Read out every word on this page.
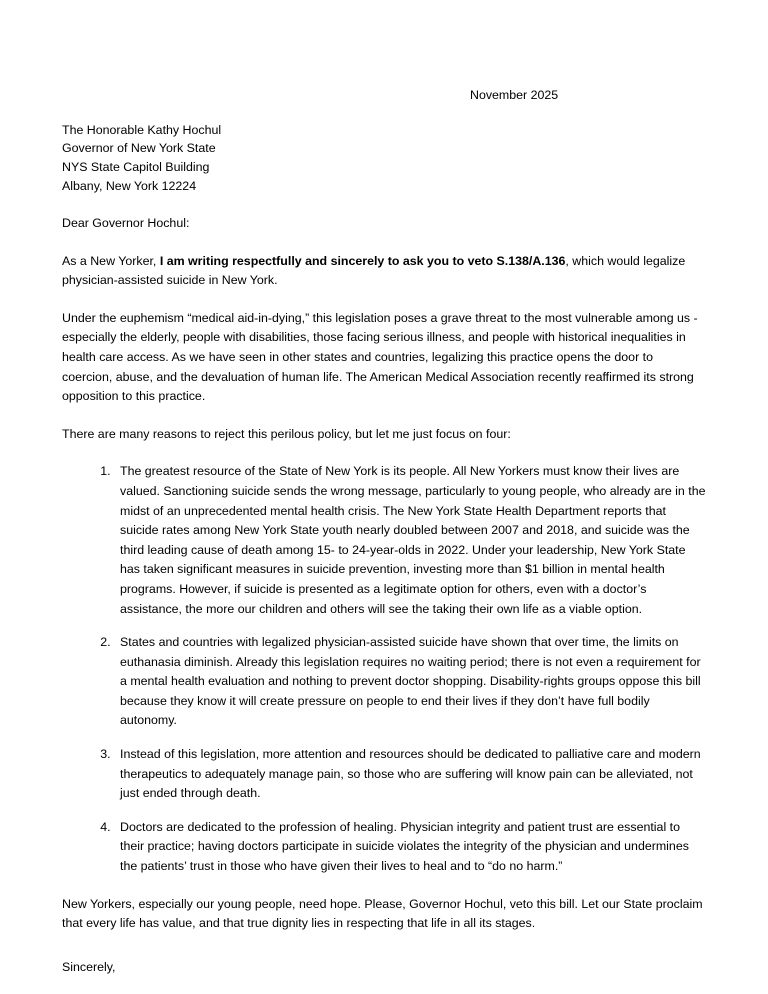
November 2025
The Honorable Kathy Hochul
Governor of New York State
NYS State Capitol Building
Albany, New York 12224
Dear Governor Hochul:

As a New Yorker, I am writing respectfully and sincerely to ask you to veto S.138/A.136, which would legalize physician-assisted suicide in New York.

Under the euphemism “medical aid-in-dying,” this legislation poses a grave threat to the most vulnerable among us - especially the elderly, people with disabilities, those facing serious illness, and people with historical inequalities in health care access. As we have seen in other states and countries, legalizing this practice opens the door to coercion, abuse, and the devaluation of human life. The American Medical Association recently reaffirmed its strong opposition to this practice.

There are many reasons to reject this perilous policy, but let me just focus on four:

1. The greatest resource of the State of New York is its people. All New Yorkers must know their lives are valued. Sanctioning suicide sends the wrong message, particularly to young people, who already are in the midst of an unprecedented mental health crisis. The New York State Health Department reports that suicide rates among New York State youth nearly doubled between 2007 and 2018, and suicide was the third leading cause of death among 15- to 24-year-olds in 2022. Under your leadership, New York State has taken significant measures in suicide prevention, investing more than $1 billion in mental health programs. However, if suicide is presented as a legitimate option for others, even with a doctor’s assistance, the more our children and others will see the taking their own life as a viable option.
2. States and countries with legalized physician-assisted suicide have shown that over time, the limits on euthanasia diminish. Already this legislation requires no waiting period; there is not even a requirement for a mental health evaluation and nothing to prevent doctor shopping. Disability-rights groups oppose this bill because they know it will create pressure on people to end their lives if they don’t have full bodily autonomy.
3. Instead of this legislation, more attention and resources should be dedicated to palliative care and modern therapeutics to adequately manage pain, so those who are suffering will know pain can be alleviated, not just ended through death.
4. Doctors are dedicated to the profession of healing. Physician integrity and patient trust are essential to their practice; having doctors participate in suicide violates the integrity of the physician and undermines the patients’ trust in those who have given their lives to heal and to “do no harm.”

New Yorkers, especially our young people, need hope. Please, Governor Hochul, veto this bill. Let our State proclaim that every life has value, and that true dignity lies in respecting that life in all its stages.

Sincerely,
